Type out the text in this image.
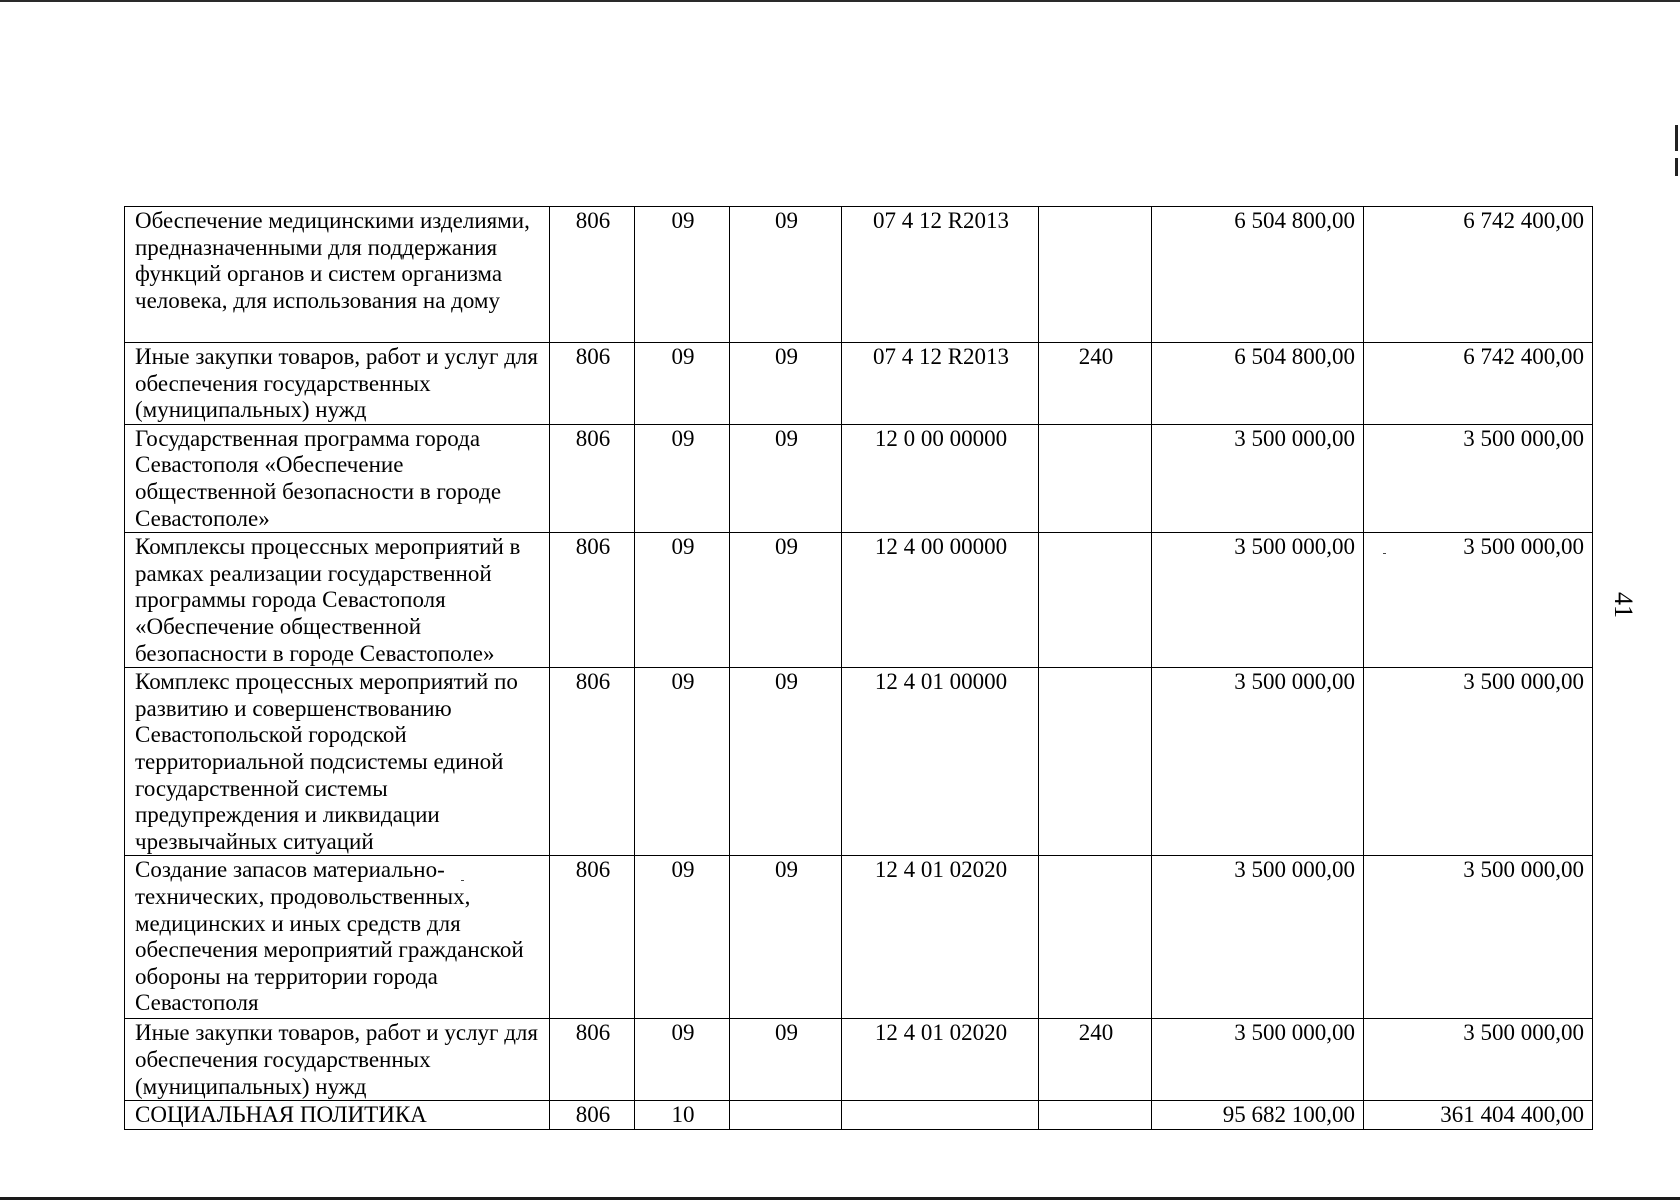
Обеспечение медицинскими изделиями, предназначенными для поддержания функций органов и систем организма человека, для использования на дому	806	09	09	07 4 12 R2013		6 504 800,00	6 742 400,00
Иные закупки товаров, работ и услуг для обеспечения государственных (муниципальных) нужд	806	09	09	07 4 12 R2013	240	6 504 800,00	6 742 400,00
Государственная программа города Севастополя «Обеспечение общественной безопасности в городе Севастополе»	806	09	09	12 0 00 00000		3 500 000,00	3 500 000,00
Комплексы процессных мероприятий в рамках реализации государственной программы города Севастополя «Обеспечение общественной безопасности в городе Севастополе»	806	09	09	12 4 00 00000		3 500 000,00	3 500 000,00
Комплекс процессных мероприятий по развитию и совершенствованию Севастопольской городской территориальной подсистемы единой государственной системы предупреждения и ликвидации чрезвычайных ситуаций	806	09	09	12 4 01 00000		3 500 000,00	3 500 000,00
Создание запасов материально-технических, продовольственных, медицинских и иных средств для обеспечения мероприятий гражданской обороны на территории города Севастополя	806	09	09	12 4 01 02020		3 500 000,00	3 500 000,00
Иные закупки товаров, работ и услуг для обеспечения государственных (муниципальных) нужд	806	09	09	12 4 01 02020	240	3 500 000,00	3 500 000,00
СОЦИАЛЬНАЯ ПОЛИТИКА	806	10				95 682 100,00	361 404 400,00
41
